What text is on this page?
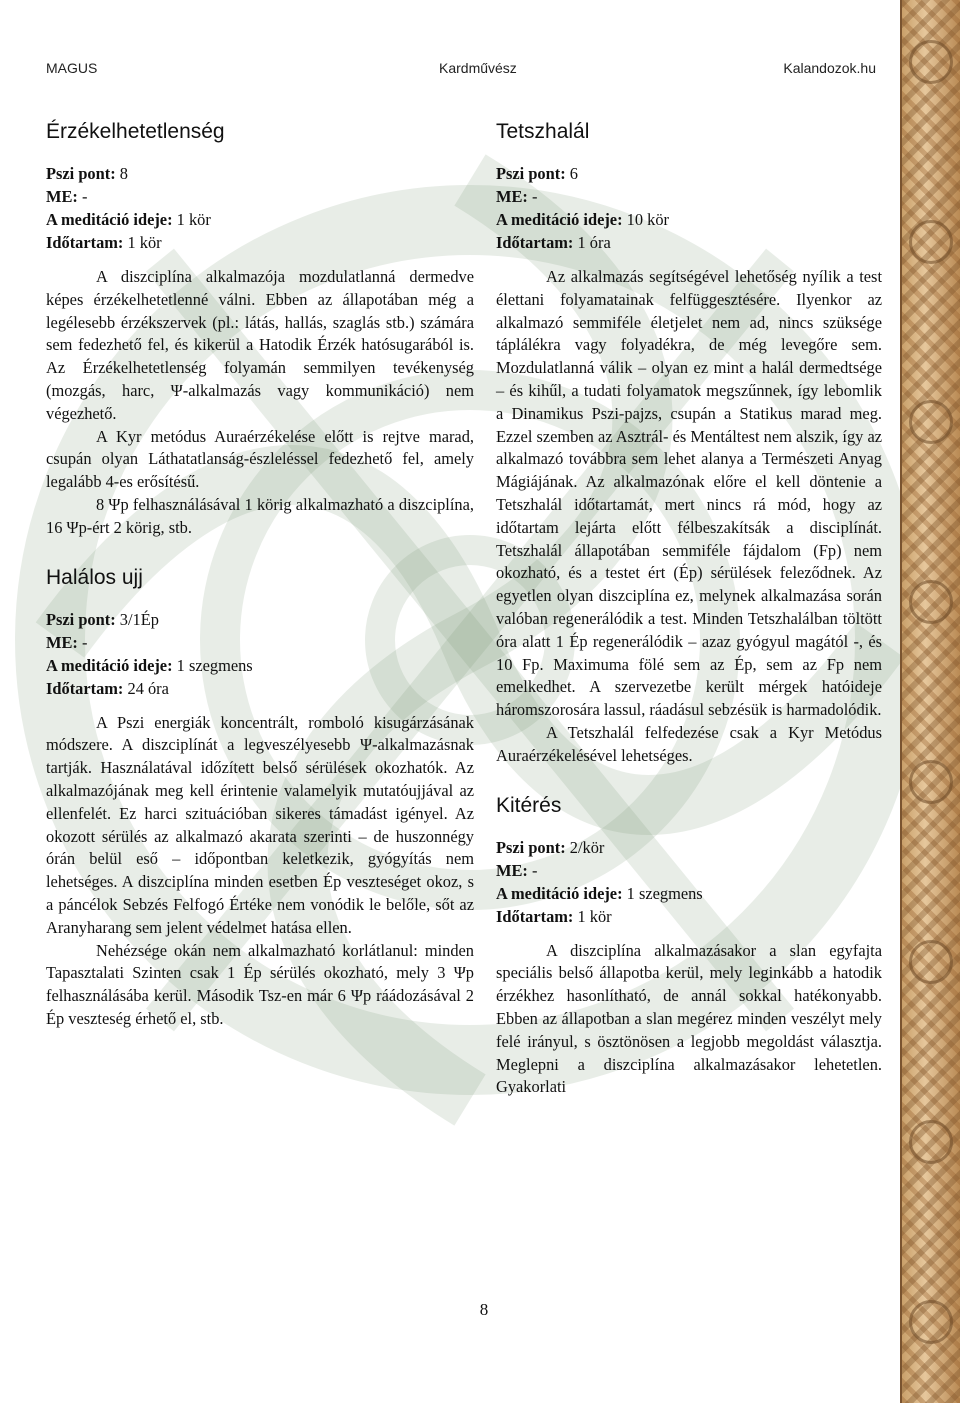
MAGUS	Kardművész	Kalandozok.hu
Érzékelhetetlenség

Pszi pont: 8

ME: -

A meditáció ideje: 1 kör

Időtartam: 1 kör

A diszciplína alkalmazója mozdulatlanná dermedve képes érzékelhetetlenné válni. Ebben az állapotában még a legélesebb érzékszervek (pl.: látás, hallás, szaglás stb.) számára sem fedezhető fel, és kikerül a Hatodik Érzék hatósugarából is. Az Érzékelhetetlenség folyamán semmilyen tevékenység (mozgás, harc, Ψ-alkalmazás vagy kommunikáció) nem végezhető.

A Kyr metódus Auraérzékelése előtt is rejtve marad, csupán olyan Láthatatlanság-észleléssel fedezhető fel, amely legalább 4-es erősítésű.

8 Ψp felhasználásával 1 körig alkalmazható a diszciplína, 16 Ψp-ért 2 körig, stb.

Halálos ujj

Pszi pont: 3/1Ép

ME: -

A meditáció ideje: 1 szegmens

Időtartam: 24 óra

A Pszi energiák koncentrált, romboló kisugárzásának módszere. A diszciplínát a legveszélyesebb Ψ-alkalmazásnak tartják. Használatával időzített belső sérülések okozhatók. Az alkalmazójának meg kell érintenie valamelyik mutatóujjával az ellenfelét. Ez harci szituációban sikeres támadást igényel. Az okozott sérülés az alkalmazó akarata szerinti – de huszonnégy órán belül eső – időpontban keletkezik, gyógyítás nem lehetséges. A diszciplína minden esetben Ép veszteséget okoz, s a páncélok Sebzés Felfogó Értéke nem vonódik le belőle, sőt az Aranyharang sem jelent védelmet hatása ellen.

Nehézsége okán nem alkalmazható korlátlanul: minden Tapasztalati Szinten csak 1 Ép sérülés okozható, mely 3 Ψp felhasználásába kerül. Második Tsz-en már 6 Ψp ráádozásával 2 Ép veszteség érhető el, stb.

Tetszhalál

Pszi pont: 6

ME: -

A meditáció ideje: 10 kör

Időtartam: 1 óra

Az alkalmazás segítségével lehetőség nyílik a test élettani folyamatainak felfüggesztésére. Ilyenkor az alkalmazó semmiféle életjelet nem ad, nincs szüksége táplálékra vagy folyadékra, de még levegőre sem. Mozdulatlanná válik – olyan ez mint a halál dermedtsége – és kihűl, a tudati folyamatok megszűnnek, így lebomlik a Dinamikus Pszi-pajzs, csupán a Statikus marad meg. Ezzel szemben az Asztrál- és Mentáltest nem alszik, így az alkalmazó továbbra sem lehet alanya a Természeti Anyag Mágiájának. Az alkalmazónak előre el kell döntenie a Tetszhalál időtartamát, mert nincs rá mód, hogy az időtartam lejárta előtt félbeszakítsák a disciplínát. Tetszhalál állapotában semmiféle fájdalom (Fp) nem okozható, és a testet ért (Ép) sérülések feleződnek. Az egyetlen olyan diszciplína ez, melynek alkalmazása során valóban regenerálódik a test. Minden Tetszhalálban töltött óra alatt 1 Ép regenerálódik – azaz gyógyul magától -, és 10 Fp. Maximuma fölé sem az Ép, sem az Fp nem emelkedhet. A szervezetbe került mérgek hatóideje háromszorosára lassul, ráadásul sebzésük is harmadolódik.

A Tetszhalál felfedezése csak a Kyr Metódus Auraérzékelésével lehetséges.

Kitérés

Pszi pont: 2/kör

ME: -

A meditáció ideje: 1 szegmens

Időtartam: 1 kör

A diszciplína alkalmazásakor a slan egyfajta speciális belső állapotba kerül, mely leginkább a hatodik érzékhez hasonlítható, de annál sokkal hatékonyabb. Ebben az állapotban a slan megérez minden veszélyt mely felé irányul, s ösztönösen a legjobb megoldást választja. Meglepni a diszciplína alkalmazásakor lehetetlen. Gyakorlati

8
